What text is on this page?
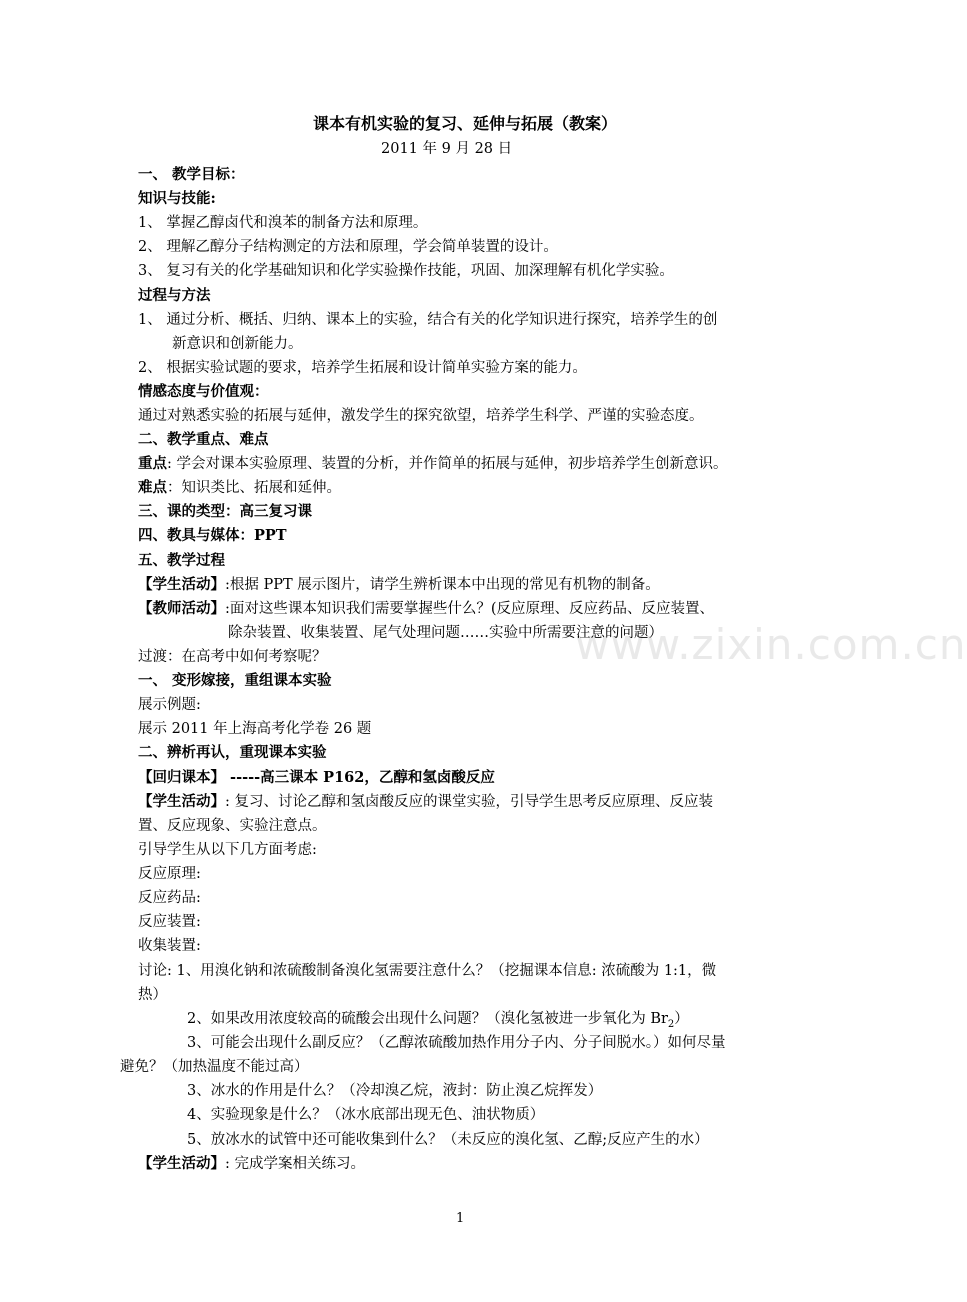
www.zixin.com.cn
课本有机实验的复习、延伸与拓展（教案）
2011 年 9 月 28 日
一、 教学目标：
知识与技能:
1、 掌握乙醇卤代和溴苯的制备方法和原理。
2、 理解乙醇分子结构测定的方法和原理，学会简单装置的设计。
3、 复习有关的化学基础知识和化学实验操作技能，巩固、加深理解有机化学实验。
过程与方法
1、 通过分析、概括、归纳、课本上的实验，结合有关的化学知识进行探究，培养学生的创
新意识和创新能力。
2、 根据实验试题的要求，培养学生拓展和设计简单实验方案的能力。
情感态度与价值观：
通过对熟悉实验的拓展与延伸，激发学生的探究欲望，培养学生科学、严谨的实验态度。
二、教学重点、难点
重点: 学会对课本实验原理、装置的分析，并作简单的拓展与延伸，初步培养学生创新意识。
难点：知识类比、拓展和延伸。
三、课的类型：高三复习课
四、教具与媒体：PPT
五、教学过程
【学生活动】:根据 PPT 展示图片，请学生辨析课本中出现的常见有机物的制备。
【教师活动】:面对这些课本知识我们需要掌握些什么？(反应原理、反应药品、反应装置、
除杂装置、收集装置、尾气处理问题……实验中所需要注意的问题）
过渡：在高考中如何考察呢？
一、 变形嫁接，重组课本实验
展示例题:
展示 2011 年上海高考化学卷 26 题
二、辨析再认，重现课本实验
【回归课本】 -----高三课本 P162，乙醇和氢卤酸反应
【学生活动】: 复习、讨论乙醇和氢卤酸反应的课堂实验，引导学生思考反应原理、反应装
置、反应现象、实验注意点。
引导学生从以下几方面考虑:
反应原理:
反应药品:
反应装置:
收集装置:
讨论: 1、用溴化钠和浓硫酸制备溴化氢需要注意什么？（挖掘课本信息: 浓硫酸为 1:1，微
热）
2、如果改用浓度较高的硫酸会出现什么问题？（溴化氢被进一步氧化为 $Br_2$）
3、可能会出现什么副反应？（乙醇浓硫酸加热作用分子内、分子间脱水。）如何尽量
避免？（加热温度不能过高）
3、冰水的作用是什么？（冷却溴乙烷，液封：防止溴乙烷挥发）
4、实验现象是什么？（冰水底部出现无色、油状物质）
5、放冰水的试管中还可能收集到什么？（未反应的溴化氢、乙醇;反应产生的水）
【学生活动】: 完成学案相关练习。
1
